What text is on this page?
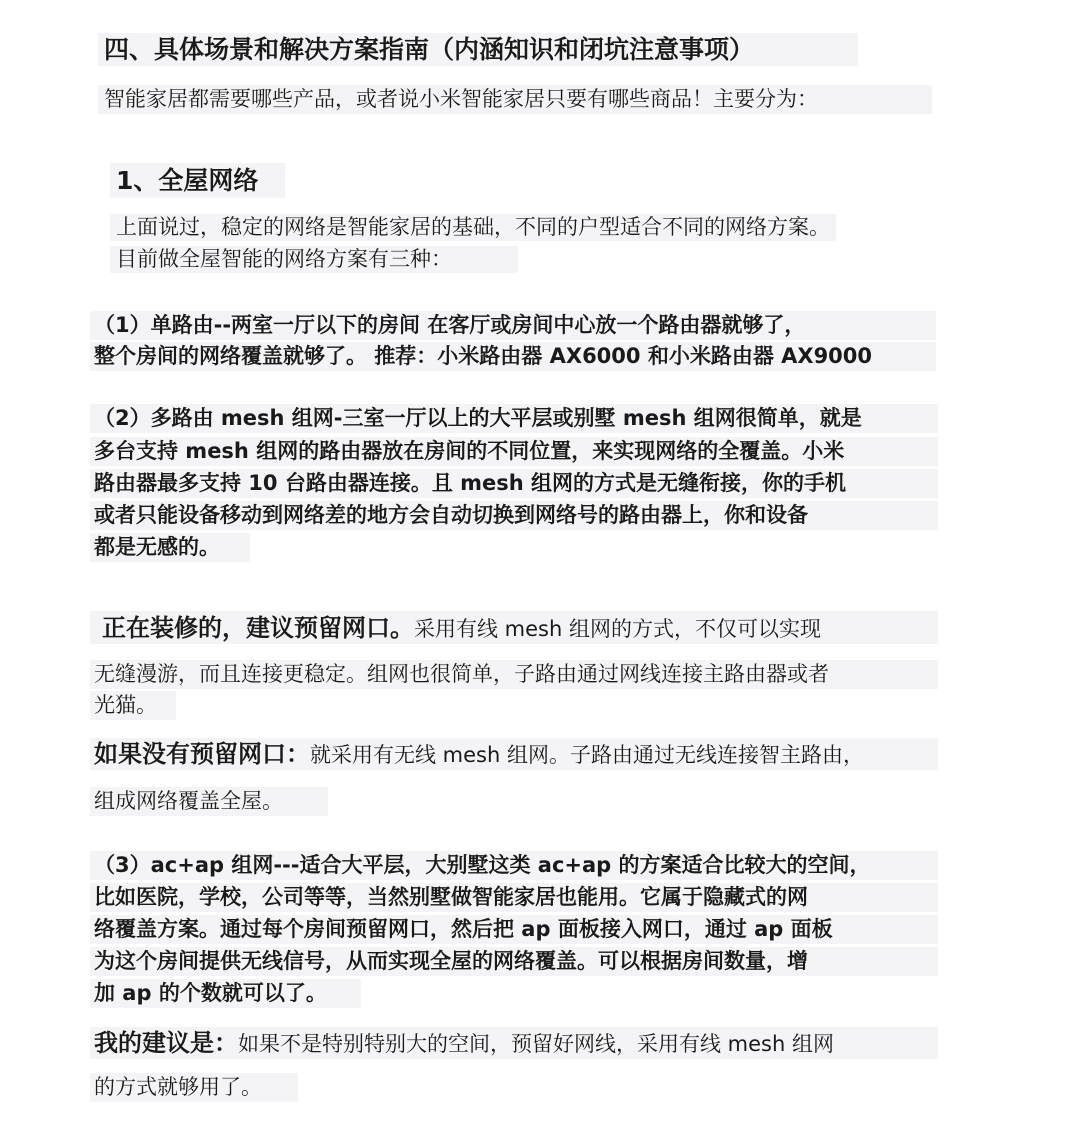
四、具体场景和解决方案指南（内涵知识和闭坑注意事项）
智能家居都需要哪些产品，或者说小米智能家居只要有哪些商品！主要分为：
1、全屋网络
上面说过，稳定的网络是智能家居的基础，不同的户型适合不同的网络方案。
目前做全屋智能的网络方案有三种：
（1）单路由--两室一厅以下的房间 在客厅或房间中心放一个路由器就够了，
整个房间的网络覆盖就够了。 推荐：小米路由器 AX6000 和小米路由器 AX9000
（2）多路由 mesh 组网-三室一厅以上的大平层或别墅 mesh 组网很简单，就是
多台支持 mesh 组网的路由器放在房间的不同位置，来实现网络的全覆盖。小米
路由器最多支持 10 台路由器连接。且 mesh 组网的方式是无缝衔接，你的手机
或者只能设备移动到网络差的地方会自动切换到网络号的路由器上，你和设备
都是无感的。
正在装修的，建议预留网口。采用有线 mesh 组网的方式，不仅可以实现
无缝漫游，而且连接更稳定。组网也很简单，子路由通过网线连接主路由器或者
光猫。
如果没有预留网口：就采用有无线 mesh 组网。子路由通过无线连接智主路由，
组成网络覆盖全屋。
（3）ac+ap 组网---适合大平层，大别墅这类 ac+ap 的方案适合比较大的空间，
比如医院，学校，公司等等，当然别墅做智能家居也能用。它属于隐藏式的网
络覆盖方案。通过每个房间预留网口，然后把 ap 面板接入网口，通过 ap 面板
为这个房间提供无线信号，从而实现全屋的网络覆盖。可以根据房间数量，增
加 ap 的个数就可以了。
我的建议是：如果不是特别特别大的空间，预留好网线，采用有线 mesh 组网
的方式就够用了。
